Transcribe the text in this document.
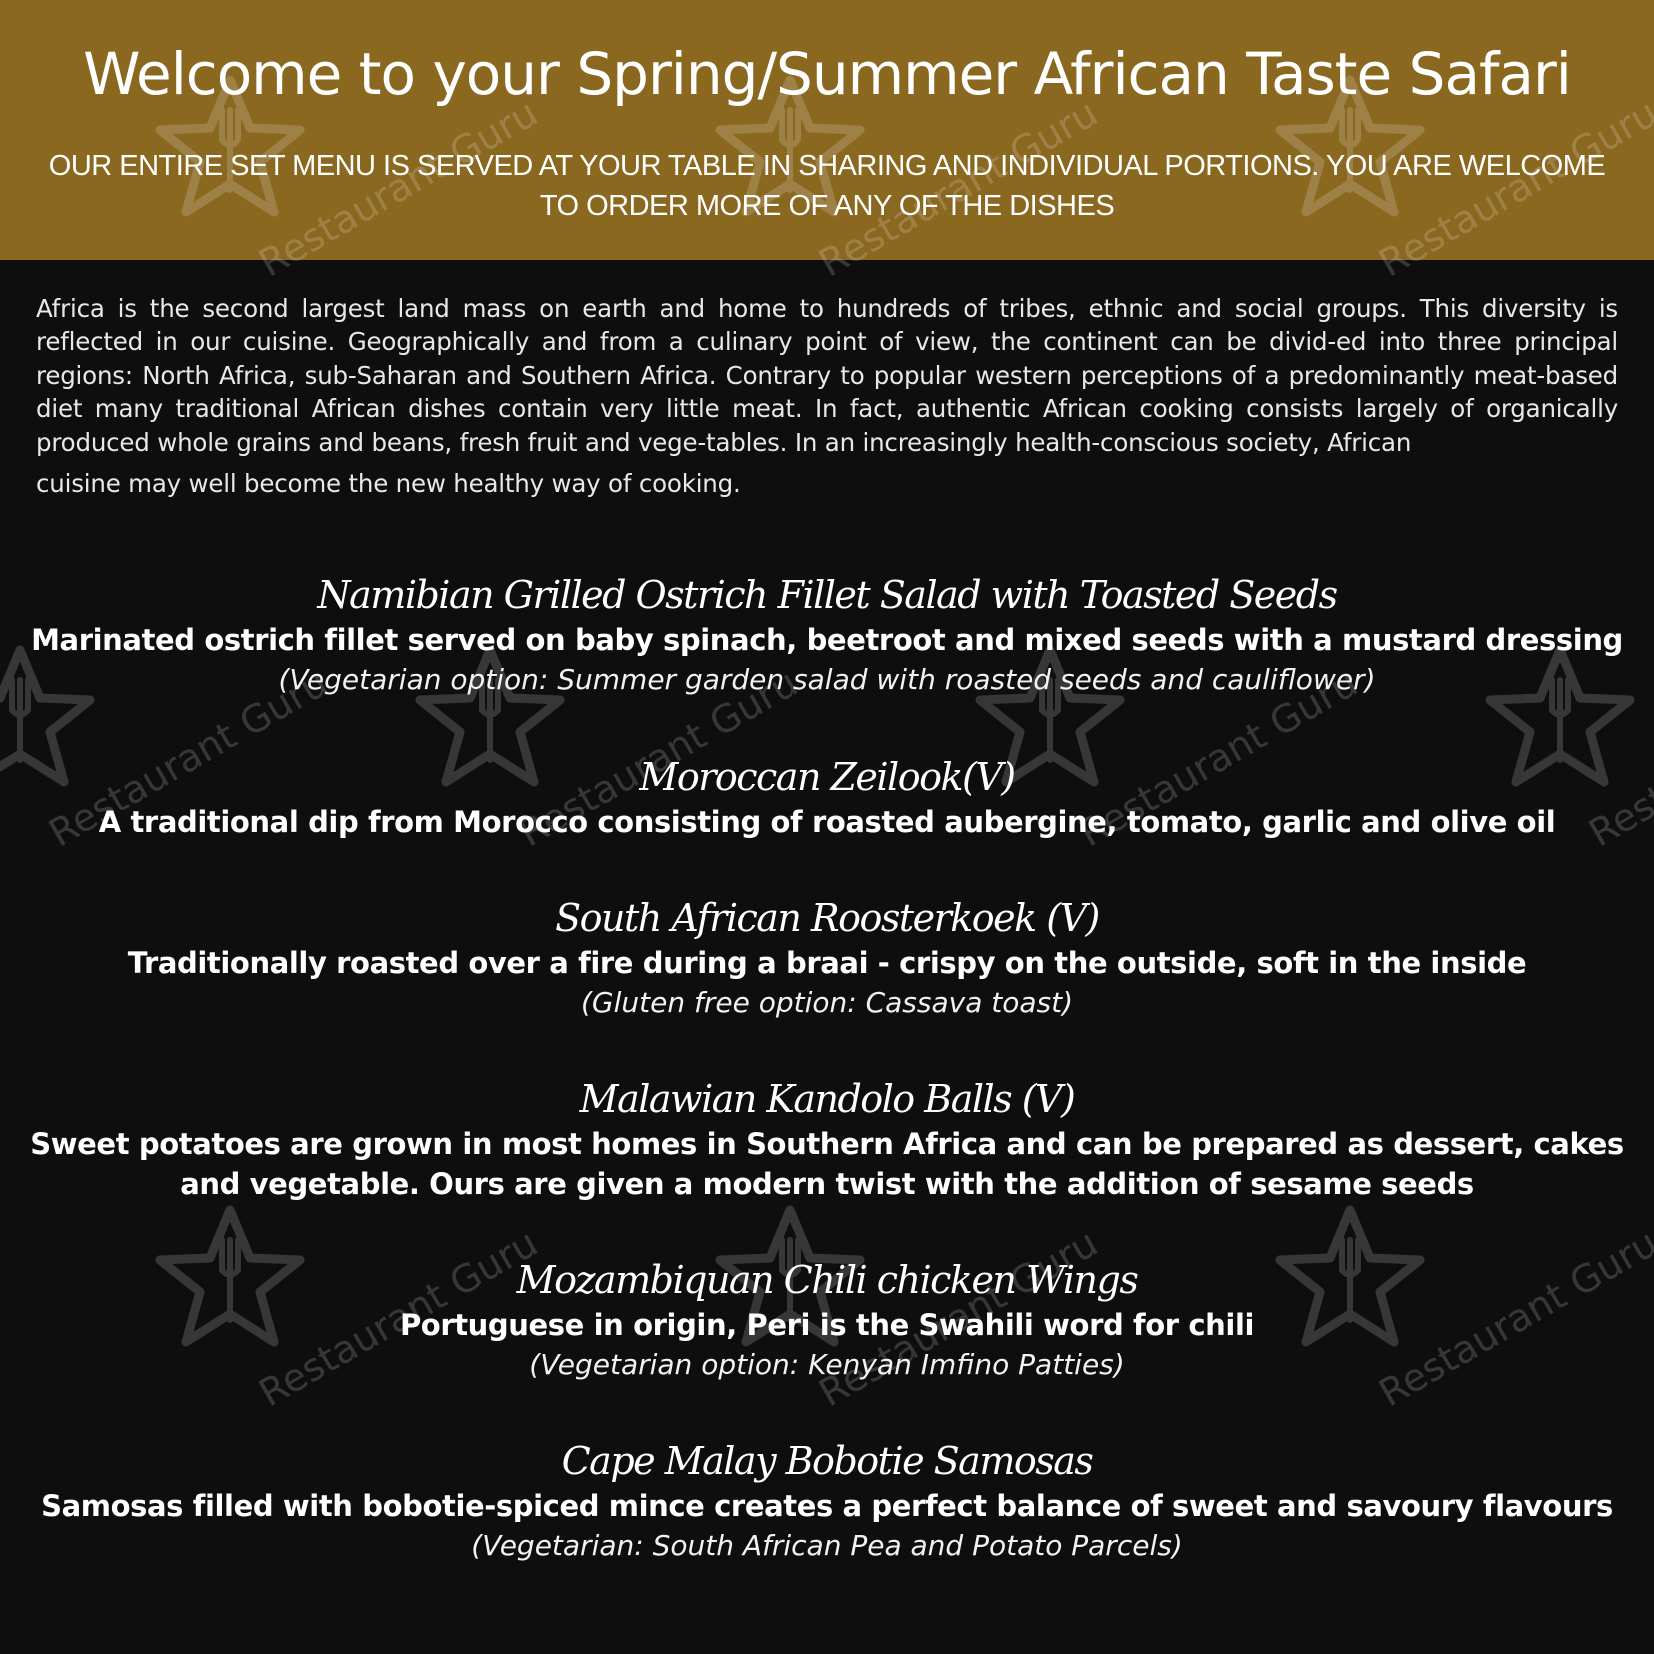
Welcome to your Spring/Summer African Taste Safari
OUR ENTIRE SET MENU IS SERVED AT YOUR TABLE IN SHARING AND INDIVIDUAL PORTIONS. YOU ARE WELCOME TO ORDER MORE OF ANY OF THE DISHES
Africa is the second largest land mass on earth and home to hundreds of tribes, ethnic and social groups. This diversity is reflected in our cuisine. Geographically and from a culinary point of view, the continent can be divid-ed into three principal regions: North Africa, sub-Saharan and Southern Africa. Contrary to popular western perceptions of a predominantly meat-based diet many traditional African dishes contain very little meat. In fact, authentic African cooking consists largely of organically produced whole grains and beans, fresh fruit and vege-tables. In an increasingly health-conscious society, African
cuisine may well become the new healthy way of cooking.
Namibian Grilled Ostrich Fillet Salad with Toasted Seeds
Marinated ostrich fillet served on baby spinach, beetroot and mixed seeds with a mustard dressing
(Vegetarian option: Summer garden salad with roasted seeds and cauliflower)
Moroccan Zeilook(V)
A traditional dip from Morocco consisting of roasted aubergine, tomato, garlic and olive oil
South African Roosterkoek (V)
Traditionally roasted over a fire during a braai - crispy on the outside, soft in the inside
(Gluten free option: Cassava toast)
Malawian Kandolo Balls (V)
Sweet potatoes are grown in most homes in Southern Africa and can be prepared as dessert, cakes and vegetable. Ours are given a modern twist with the addition of sesame seeds
Mozambiquan Chili chicken Wings
Portuguese in origin, Peri is the Swahili word for chili
(Vegetarian option: Kenyan Imfino Patties)
Cape Malay Bobotie Samosas
Samosas filled with bobotie-spiced mince creates a perfect balance of sweet and savoury flavours
(Vegetarian: South African Pea and Potato Parcels)
